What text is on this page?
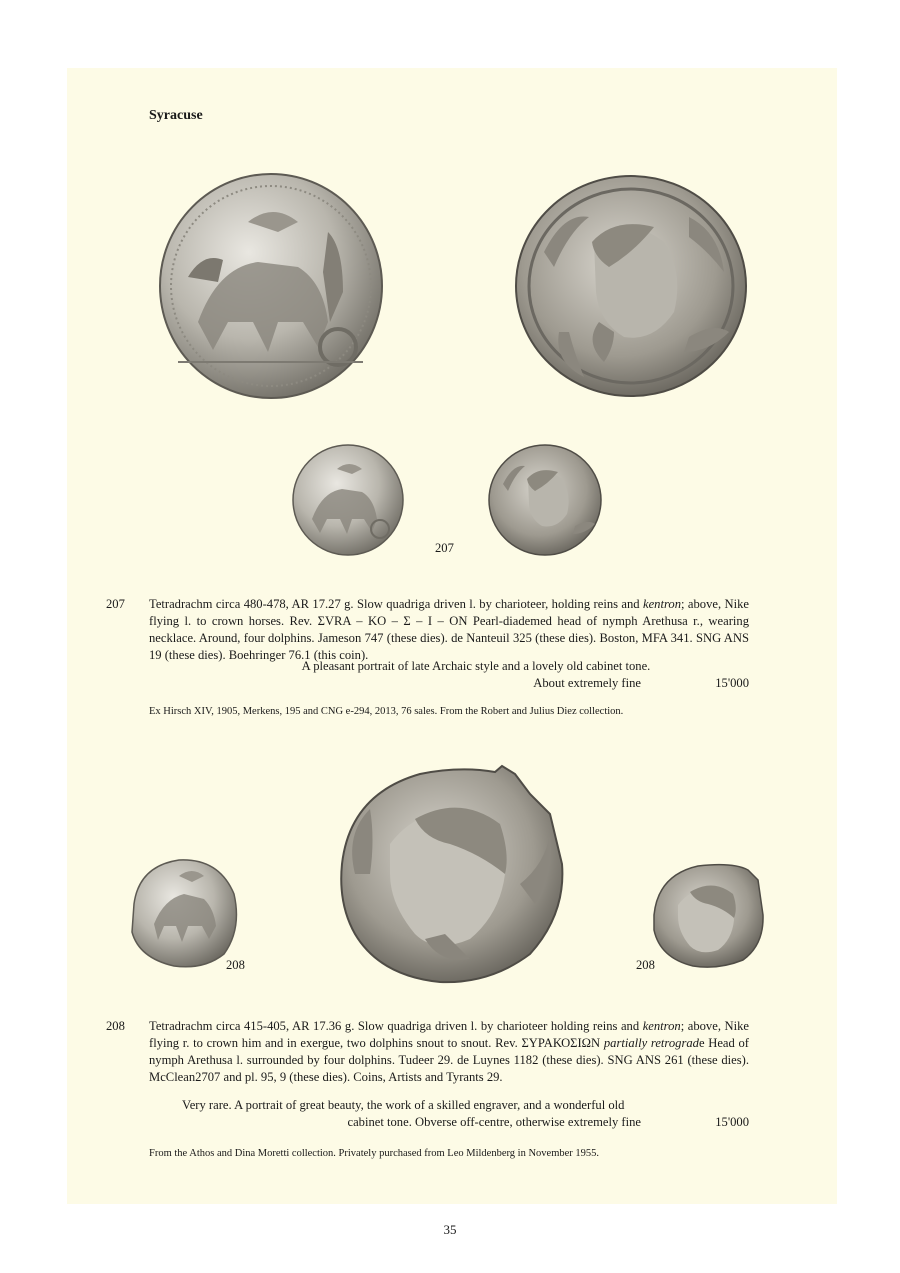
Syracuse
207
207	Tetradrachm circa 480-478, AR 17.27 g. Slow quadriga driven l. by charioteer, holding reins and kentron; above, Nike flying l. to crown horses. Rev. ΣVRA – KO – Σ – I – ON Pearl-diademed head of nymph Arethusa r., wearing necklace. Around, four dolphins. Jameson 747 (these dies). de Nanteuil 325 (these dies). Boston, MFA 341. SNG ANS 19 (these dies). Boehringer 76.1 (this coin).
A pleasant portrait of late Archaic style and a lovely old cabinet tone.
About extremely fine	15'000
Ex Hirsch XIV, 1905, Merkens, 195 and CNG e-294, 2013, 76 sales. From the Robert and Julius Diez collection.
208	208
208	Tetradrachm circa 415-405, AR 17.36 g. Slow quadriga driven l. by charioteer holding reins and kentron; above, Nike flying r. to crown him and in exergue, two dolphins snout to snout. Rev. ΣΥΡΑΚΟΣΙΩΝ partially retrograde Head of nymph Arethusa l. surrounded by four dolphins. Tudeer 29. de Luynes 1182 (these dies). SNG ANS 261 (these dies). McClean2707 and pl. 95, 9 (these dies). Coins, Artists and Tyrants 29.
Very rare. A portrait of great beauty, the work of a skilled engraver, and a wonderful old
cabinet tone. Obverse off-centre, otherwise extremely fine	15'000
From the Athos and Dina Moretti collection. Privately purchased from Leo Mildenberg in November 1955.
35
